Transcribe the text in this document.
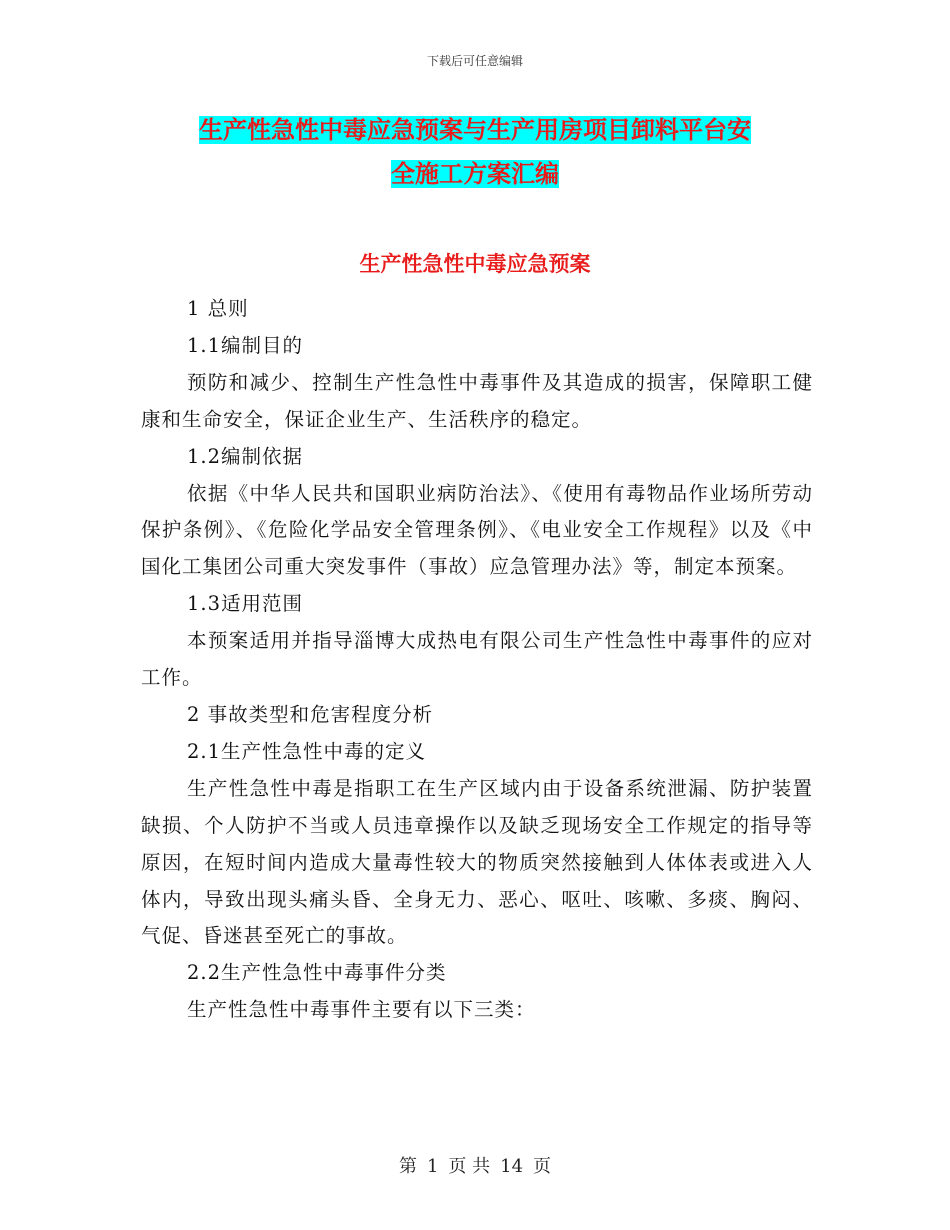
下载后可任意编辑
生产性急性中毒应急预案与生产用房项目卸料平台安
全施工方案汇编
生产性急性中毒应急预案

1 总则

1.1编制目的

预防和减少、控制生产性急性中毒事件及其造成的损害，保障职工健康和生命安全，保证企业生产、生活秩序的稳定。

1.2编制依据

依据《中华人民共和国职业病防治法》、《使用有毒物品作业场所劳动保护条例》、《危险化学品安全管理条例》、《电业安全工作规程》以及《中国化工集团公司重大突发事件（事故）应急管理办法》等，制定本预案。

1.3适用范围

本预案适用并指导淄博大成热电有限公司生产性急性中毒事件的应对工作。

2 事故类型和危害程度分析

2.1生产性急性中毒的定义

生产性急性中毒是指职工在生产区域内由于设备系统泄漏、防护装置缺损、个人防护不当或人员违章操作以及缺乏现场安全工作规定的指导等原因，在短时间内造成大量毒性较大的物质突然接触到人体体表或进入人体内，导致出现头痛头昏、全身无力、恶心、呕吐、咳嗽、多痰、胸闷、气促、昏迷甚至死亡的事故。

2.2生产性急性中毒事件分类

生产性急性中毒事件主要有以下三类：

第 1 页 共 14 页
